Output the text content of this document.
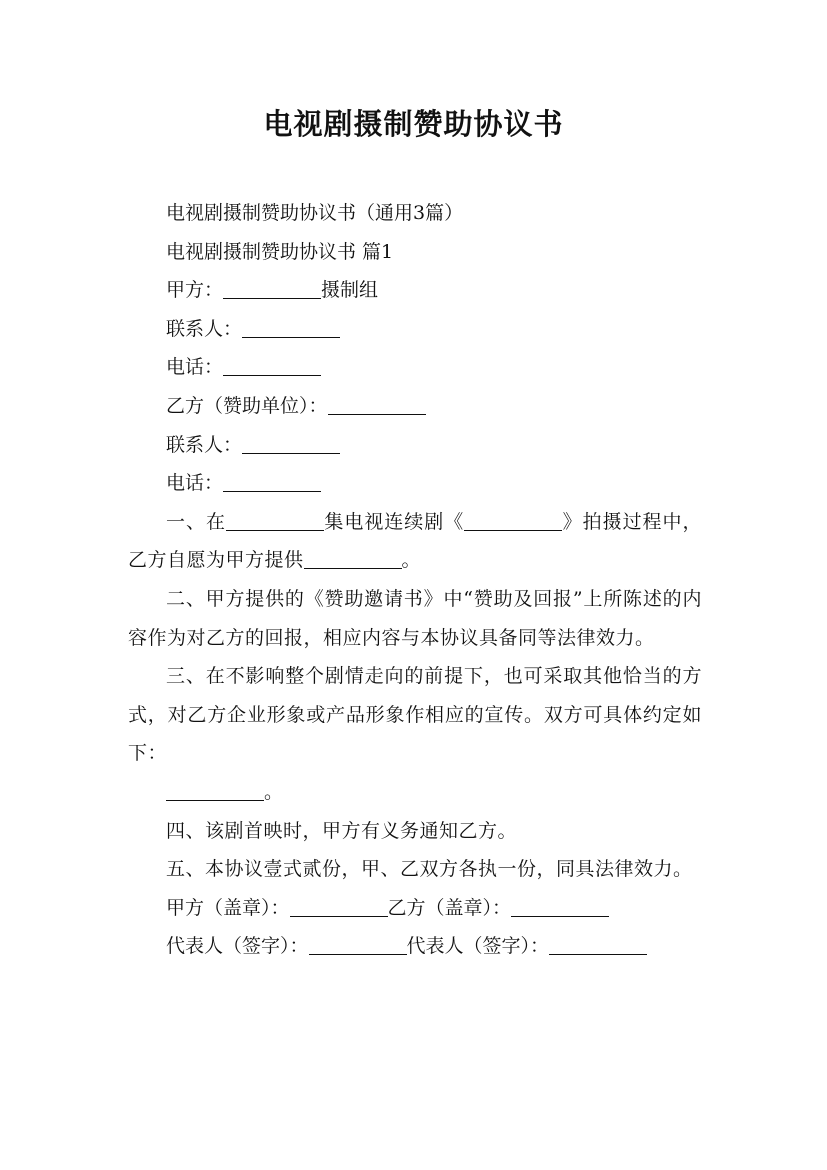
电视剧摄制赞助协议书
电视剧摄制赞助协议书（通用3篇）
电视剧摄制赞助协议书 篇1
甲方：	摄制组
联系人：
电话：
乙方（赞助单位）：
联系人：
电话：
一、在	集电视连续剧《	》拍摄过程中，乙方自愿为甲方提供	。
二、甲方提供的《赞助邀请书》中“赞助及回报”上所陈述的内容作为对乙方的回报，相应内容与本协议具备同等法律效力。
三、在不影响整个剧情走向的前提下，也可采取其他恰当的方式，对乙方企业形象或产品形象作相应的宣传。双方可具体约定如下：
。
四、该剧首映时，甲方有义务通知乙方。
五、本协议壹式贰份，甲、乙双方各执一份，同具法律效力。
甲方（盖章）：	乙方（盖章）：
代表人（签字）：	代表人（签字）：
